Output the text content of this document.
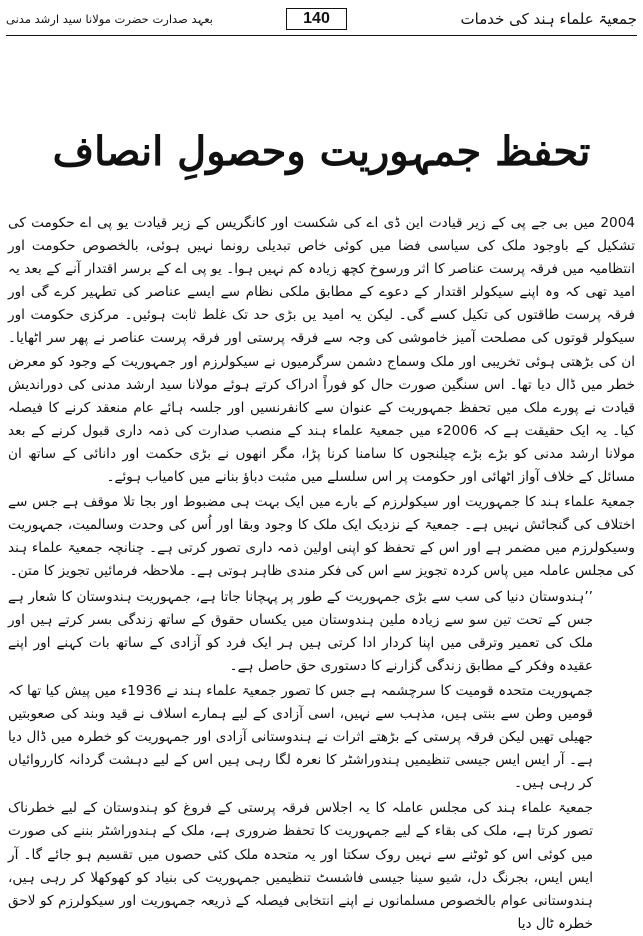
بعہد صدارت حضرت مولانا سید ارشد مدنی	140	جمعیۃ علماء ہند کی خدمات
تحفظ جمہوریت وحصولِ انصاف

2004 میں بی جے پی کے زیر قیادت این ڈی اے کی شکست اور کانگریس کے زیر قیادت یو پی اے حکومت کی تشکیل کے باوجود ملک کی سیاسی فضا میں کوئی خاص تبدیلی رونما نہیں ہوئی، بالخصوص حکومت اور انتظامیہ میں فرقہ پرست عناصر کا اثر ورسوخ کچھ زیادہ کم نہیں ہوا۔ یو پی اے کے برسر اقتدار آنے کے بعد یہ امید تھی کہ وہ اپنے سیکولر اقتدار کے دعوے کے مطابق ملکی نظام سے ایسے عناصر کی تطہیر کرے گی اور فرقہ پرست طاقتوں کی تکیل کسے گی۔ لیکن یہ امید یں بڑی حد تک غلط ثابت ہوئیں۔ مرکزی حکومت اور سیکولر قوتوں کی مصلحت آمیز خاموشی کی وجہ سے فرقہ پرستی اور فرقہ پرست عناصر نے پھر سر اٹھایا۔ ان کی بڑھتی ہوئی تخریبی اور ملک وسماج دشمن سرگرمیوں نے سیکولرزم اور جمہوریت کے وجود کو معرض خطر میں ڈال دیا تھا۔ اس سنگین صورت حال کو فوراً ادراک کرتے ہوئے مولانا سید ارشد مدنی کی دوراندیش قیادت نے پورے ملک میں تحفظ جمہوریت کے عنوان سے کانفرنسیں اور جلسہ ہائے عام منعقد کرنے کا فیصلہ کیا۔ یہ ایک حقیقت ہے کہ 2006ء میں جمعیۃ علماء ہند کے منصب صدارت کی ذمہ داری قبول کرنے کے بعد مولانا ارشد مدنی کو بڑے بڑے چیلنجوں کا سامنا کرنا پڑا، مگر انھوں نے بڑی حکمت اور دانائی کے ساتھ ان مسائل کے خلاف آواز اٹھائی اور حکومت پر اس سلسلے میں مثبت دباؤ بنانے میں کامیاب ہوئے۔

جمعیۃ علماء ہند کا جمہوریت اور سیکولرزم کے بارے میں ایک بہت ہی مضبوط اور بجا تلا موقف ہے جس سے اختلاف کی گنجائش نہیں ہے۔ جمعیۃ کے نزدیک ایک ملک کا وجود وبقا اور اُس کی وحدت وسالمیت، جمہوریت وسیکولرزم میں مضمر ہے اور اس کے تحفظ کو اپنی اولین ذمہ داری تصور کرتی ہے۔ چنانچہ جمعیۃ علماء ہند کی مجلس عاملہ میں پاس کردہ تجویز سے اس کی فکر مندی ظاہر ہوتی ہے۔ ملاحظہ فرمائیں تجویز کا متن۔

’’ہندوستان دنیا کی سب سے بڑی جمہوریت کے طور پر پہچانا جاتا ہے، جمہوریت ہندوستان کا شعار ہے جس کے تحت تین سو سے زیادہ ملین ہندوستان میں یکساں حقوق کے ساتھ زندگی بسر کرتے ہیں اور ملک کی تعمیر وترقی میں اپنا کردار ادا کرتی ہیں ہر ایک فرد کو آزادی کے ساتھ بات کہنے اور اپنے عقیدہ وفکر کے مطابق زندگی گزارنے کا دستوری حق حاصل ہے۔

جمہوریت متحدہ قومیت کا سرچشمہ ہے جس کا تصور جمعیۃ علماء ہند نے 1936ء میں پیش کیا تھا کہ قومیں وطن سے بنتی ہیں، مذہب سے نہیں، اسی آزادی کے لیے ہمارے اسلاف نے قید وبند کی صعوبتیں جھیلی تھیں لیکن فرقہ پرستی کے بڑھتے اثرات نے ہندوستانی آزادی اور جمہوریت کو خطرہ میں ڈال دیا ہے۔ آر ایس ایس جیسی تنظیمیں ہندوراشٹر کا نعرہ لگا رہی ہیں اس کے لیے دہشت گردانہ کارروائیاں کر رہی ہیں۔

جمعیۃ علماء ہند کی مجلس عاملہ کا یہ اجلاس فرقہ پرستی کے فروغ کو ہندوستان کے لیے خطرناک تصور کرتا ہے، ملک کی بقاء کے لیے جمہوریت کا تحفظ ضروری ہے، ملک کے ہندوراشٹر بننے کی صورت میں کوئی اس کو ٹوٹنے سے نہیں روک سکتا اور یہ متحدہ ملک کئی حصوں میں تقسیم ہو جائے گا۔ آر ایس ایس، بجرنگ دل، شیو سینا جیسی فاشسٹ تنظیمیں جمہوریت کی بنیاد کو کھوکھلا کر رہی ہیں، ہندوستانی عوام بالخصوص مسلمانوں نے اپنے انتخابی فیصلہ کے ذریعہ جمہوریت اور سیکولرزم کو لاحق خطرہ ٹال دیا
